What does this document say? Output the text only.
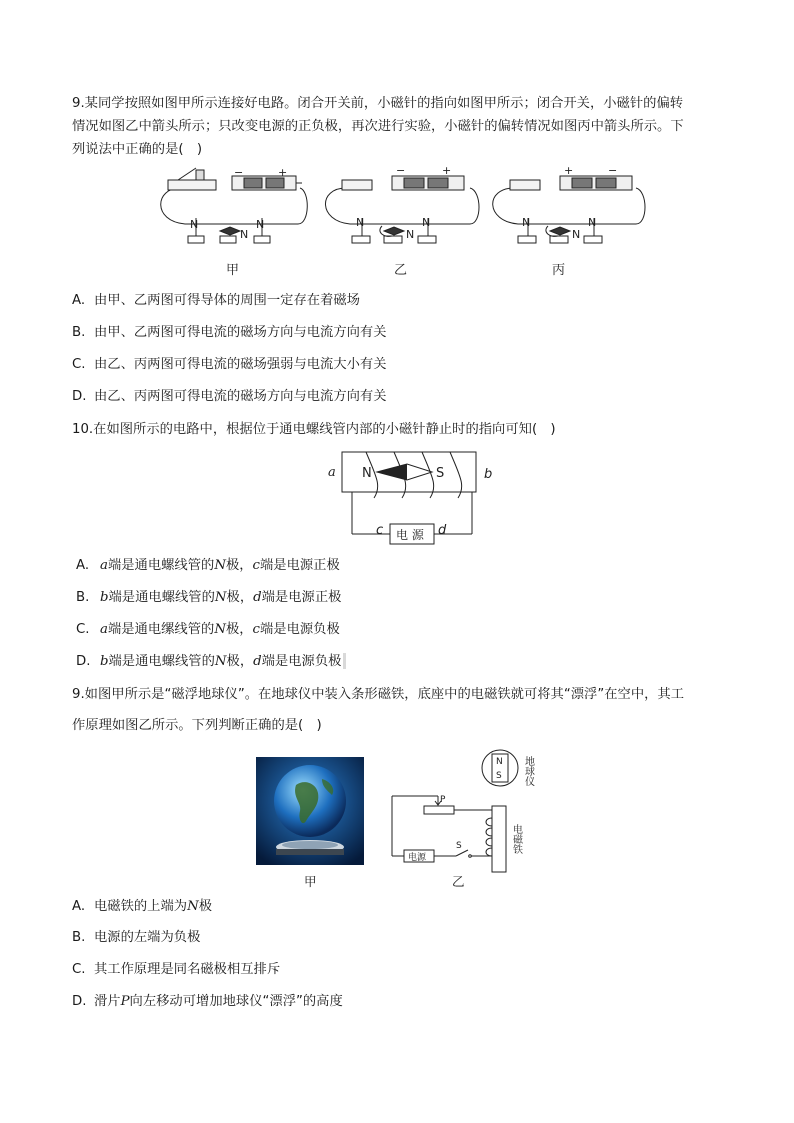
9.某同学按照如图甲所示连接好电路。闭合开关前，小磁针的指向如图甲所示；闭合开关，小磁针的偏转
情况如图乙中箭头所示；只改变电源的正负极，再次进行实验，小磁针的偏转情况如图丙中箭头所示。下
列说法中正确的是(　)
−	+
N
N
N
−	+
N
N
N
+	−
N
N
N
甲	乙	丙
A. 由甲、乙两图可得导体的周围一定存在着磁场
B. 由甲、乙两图可得电流的磁场方向与电流方向有关
C. 由乙、丙两图可得电流的磁场强弱与电流大小有关
D. 由乙、丙两图可得电流的磁场方向与电流方向有关
10.在如图所示的电路中，根据位于通电螺线管内部的小磁针静止时的指向可知(　)
a	b
c	d
N	S
电 源
A. a端是通电螺线管的N极，c端是电源正极
B. b端是通电螺线管的N极，d端是电源正极
C. a端是通电缧线管的N极，c端是电源负极
D. b端是通电螺线管的N极，d端是电源负极
9.如图甲所示是“磁浮地球仪”。在地球仪中装入条形磁铁，底座中的电磁铁就可将其“漂浮”在空中，其工
作原理如图乙所示。下列判断正确的是(　)
甲
N
S
P
S
电源
地球仪
电磁铁
乙
A. 电磁铁的上端为N极
B. 电源的左端为负极
C. 其工作原理是同名磁极相互排斥
D. 滑片P向左移动可增加地球仪“漂浮”的高度
